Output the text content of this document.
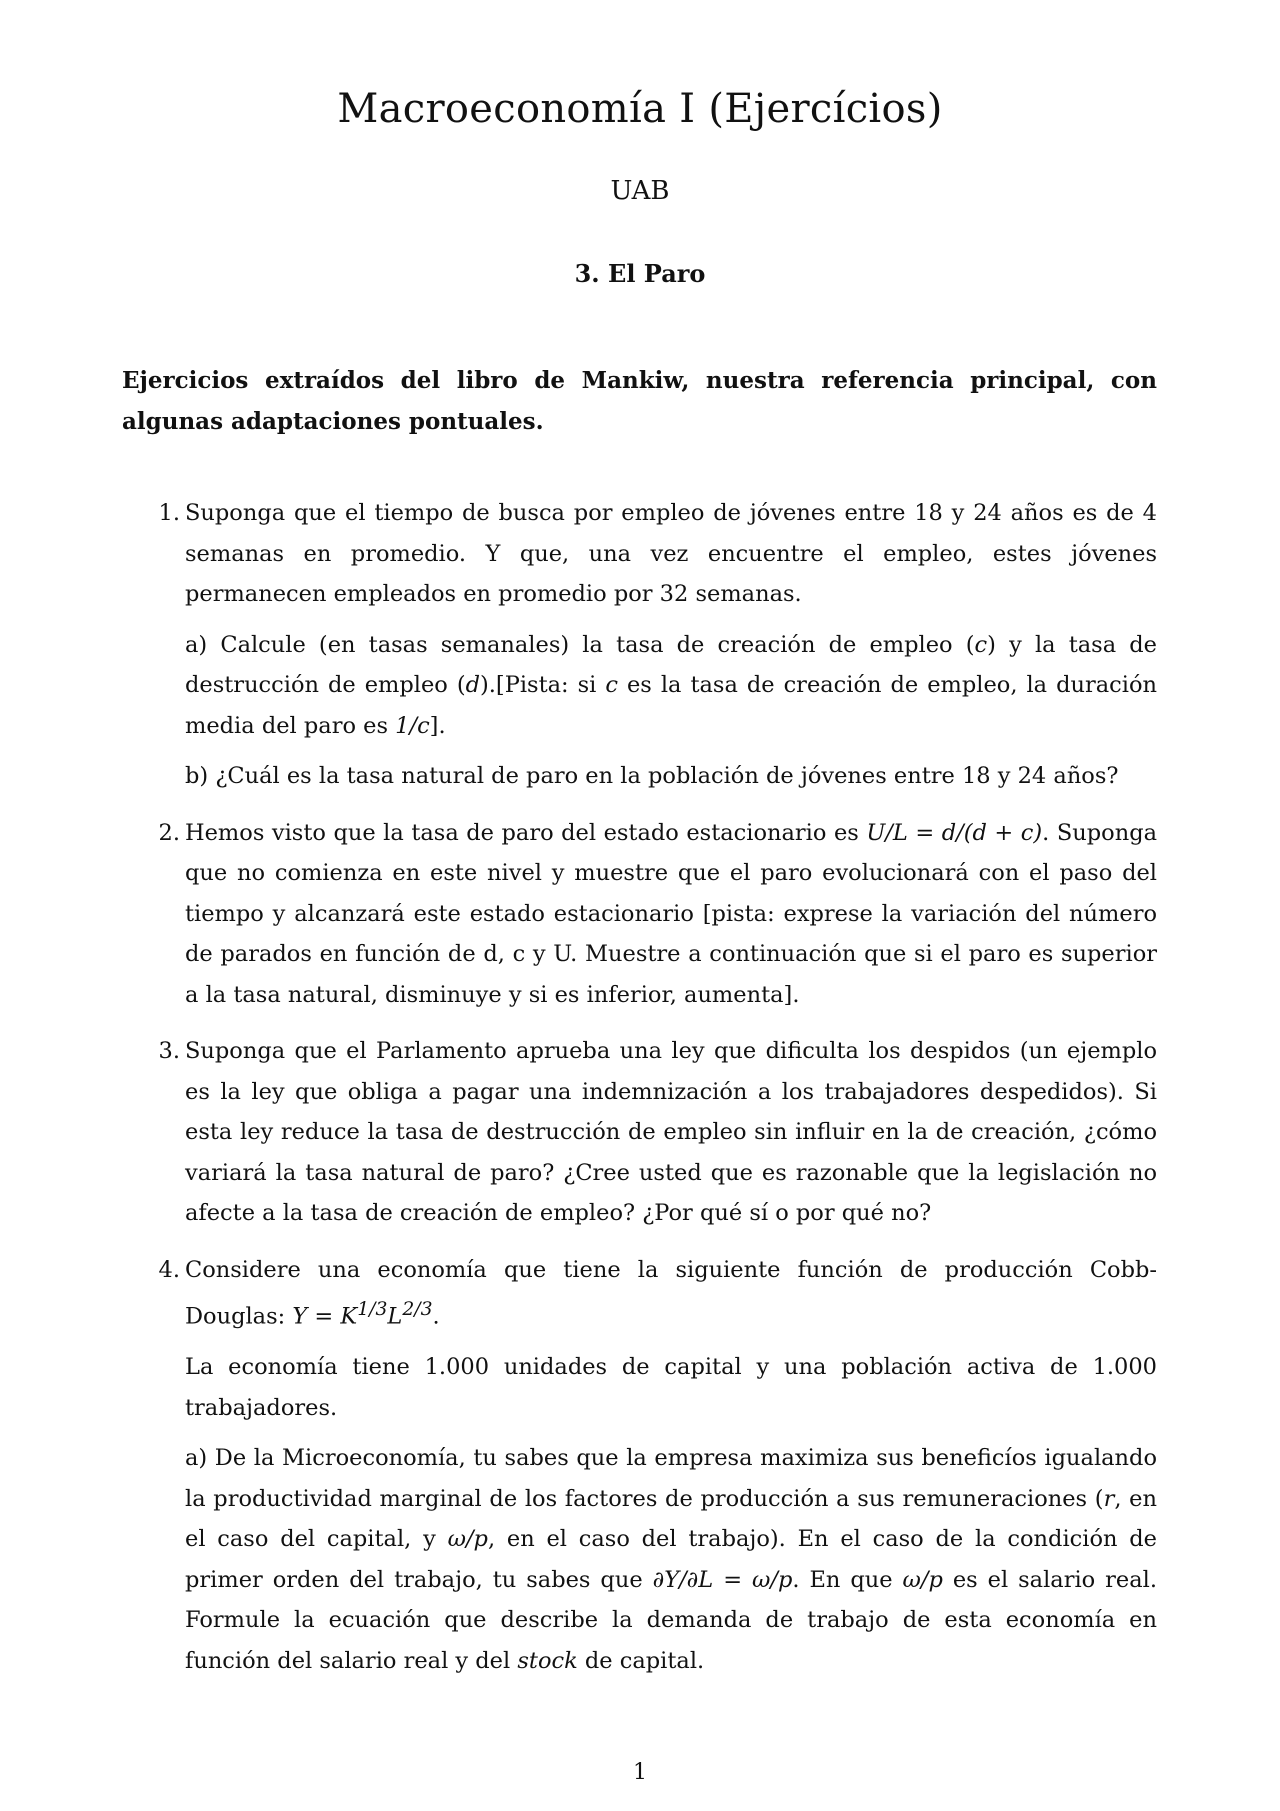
Macroeconomía I (Ejercícios)
UAB
3. El Paro

Ejercicios extraídos del libro de Mankiw, nuestra referencia principal, con algunas adaptaciones pontuales.

1. Suponga que el tiempo de busca por empleo de jóvenes entre 18 y 24 años es de 4 semanas en promedio. Y que, una vez encuentre el empleo, estes jóvenes permanecen empleados en promedio por 32 semanas.

a) Calcule (en tasas semanales) la tasa de creación de empleo (c) y la tasa de destrucción de empleo (d).[Pista: si c es la tasa de creación de empleo, la duración media del paro es 1/c].

b) ¿Cuál es la tasa natural de paro en la población de jóvenes entre 18 y 24 años?

2. Hemos visto que la tasa de paro del estado estacionario es U/L = d/(d + c). Suponga que no comienza en este nivel y muestre que el paro evolucionará con el paso del tiempo y alcanzará este estado estacionario [pista: exprese la variación del número de parados en función de d, c y U. Muestre a continuación que si el paro es superior a la tasa natural, disminuye y si es inferior, aumenta].

3. Suponga que el Parlamento aprueba una ley que dificulta los despidos (un ejemplo es la ley que obliga a pagar una indemnización a los trabajadores despedidos). Si esta ley reduce la tasa de destrucción de empleo sin influir en la de creación, ¿cómo variará la tasa natural de paro? ¿Cree usted que es razonable que la legislación no afecte a la tasa de creación de empleo? ¿Por qué sí o por qué no?

4. Considere una economía que tiene la siguiente función de producción Cobb- Douglas: $Y = K^{1/3}L^{2/3}$.

La economía tiene 1.000 unidades de capital y una población activa de 1.000 trabajadores.

a) De la Microeconomía, tu sabes que la empresa maximiza sus beneficíos igualando la productividad marginal de los factores de producción a sus remuneraciones (r, en el caso del capital, y ω/p, en el caso del trabajo). En el caso de la condición de primer orden del trabajo, tu sabes que ∂Y/∂L = ω/p. En que ω/p es el salario real. Formule la ecuación que describe la demanda de trabajo de esta economía en función del salario real y del stock de capital.

1
